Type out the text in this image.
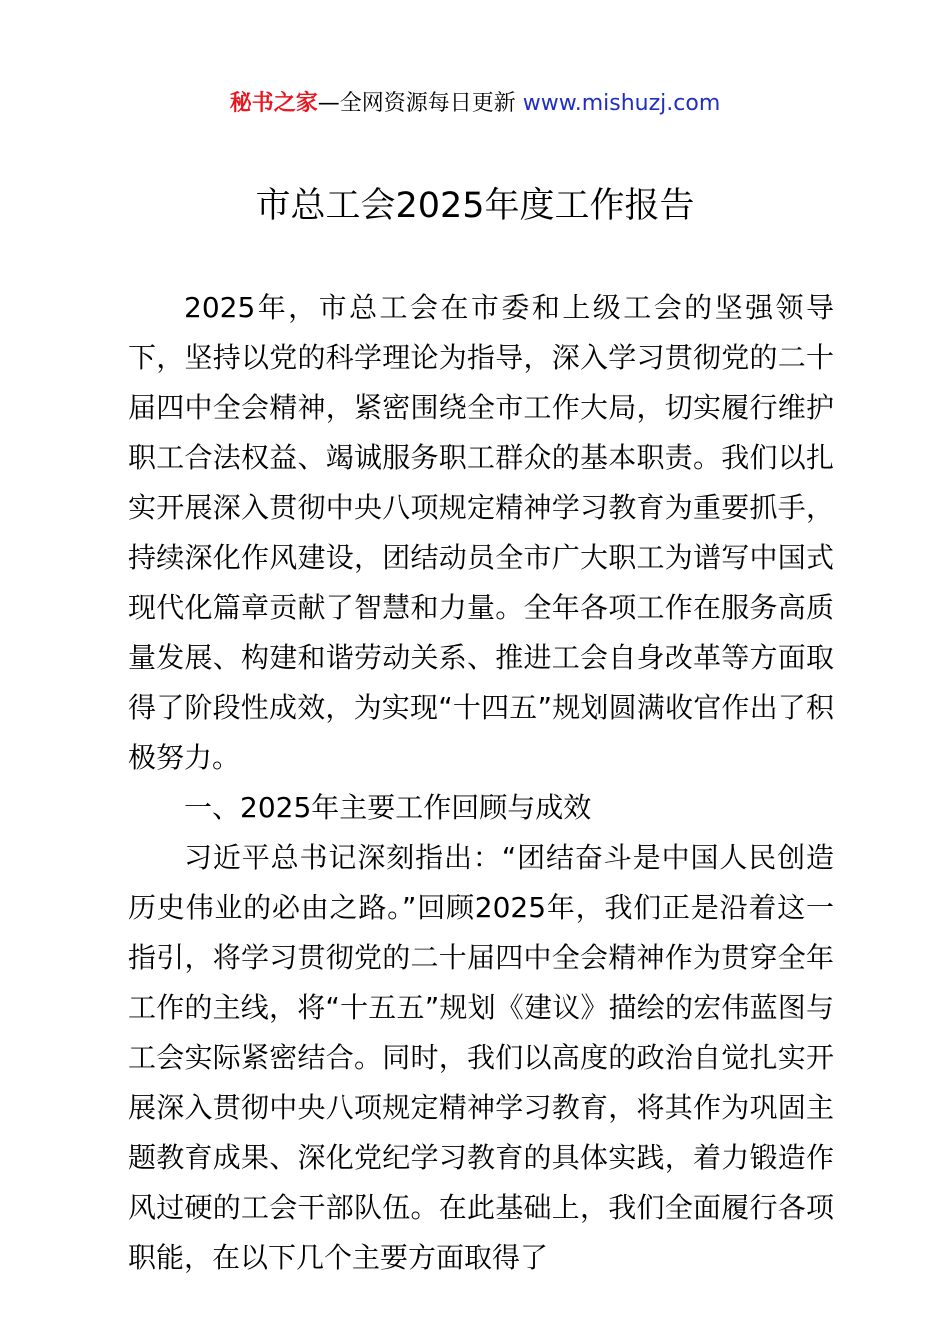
秘书之家—全网资源每日更新 www.mishuzj.com
市总工会2025年度工作报告

2025年，市总工会在市委和上级工会的坚强领导下，坚持以党的科学理论为指导，深入学习贯彻党的二十届四中全会精神，紧密围绕全市工作大局，切实履行维护职工合法权益、竭诚服务职工群众的基本职责。我们以扎实开展深入贯彻中央八项规定精神学习教育为重要抓手，持续深化作风建设，团结动员全市广大职工为谱写中国式现代化篇章贡献了智慧和力量。全年各项工作在服务高质量发展、构建和谐劳动关系、推进工会自身改革等方面取得了阶段性成效，为实现“十四五”规划圆满收官作出了积极努力。

一、2025年主要工作回顾与成效

习近平总书记深刻指出：“团结奋斗是中国人民创造历史伟业的必由之路。”回顾2025年，我们正是沿着这一指引，将学习贯彻党的二十届四中全会精神作为贯穿全年工作的主线，将“十五五”规划《建议》描绘的宏伟蓝图与工会实际紧密结合。同时，我们以高度的政治自觉扎实开展深入贯彻中央八项规定精神学习教育，将其作为巩固主题教育成果、深化党纪学习教育的具体实践，着力锻造作风过硬的工会干部队伍。在此基础上，我们全面履行各项职能，在以下几个主要方面取得了
